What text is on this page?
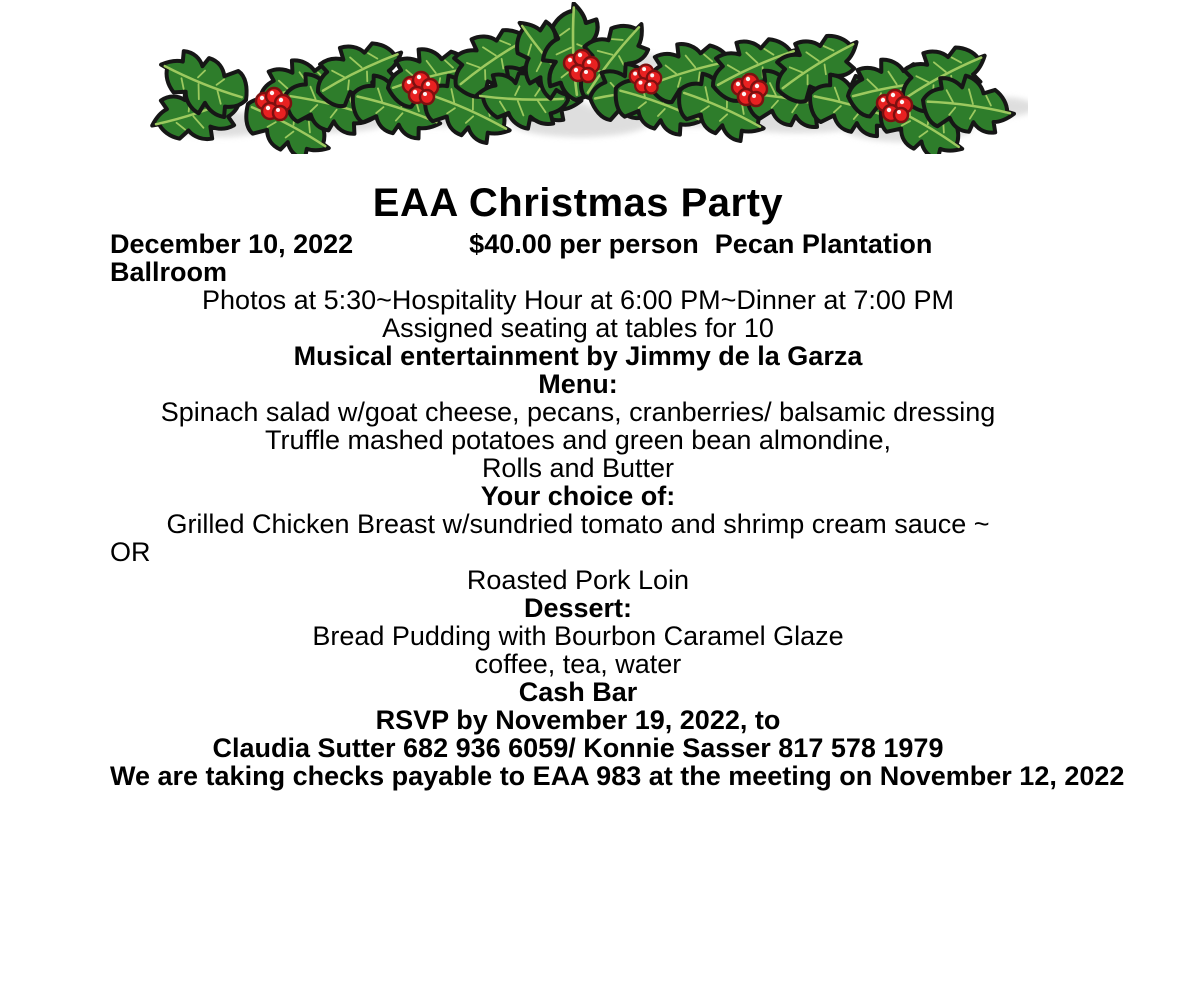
EAA Christmas Party
December 10, 2022	$40.00 per person Pecan Plantation
Ballroom
Photos at 5:30~Hospitality Hour at 6:00 PM~Dinner at 7:00 PM
Assigned seating at tables for 10
Musical entertainment by Jimmy de la Garza
Menu:
Spinach salad w/goat cheese, pecans, cranberries/ balsamic dressing
Truffle mashed potatoes and green bean almondine,
Rolls and Butter
Your choice of:
Grilled Chicken Breast w/sundried tomato and shrimp cream sauce ~
OR
Roasted Pork Loin
Dessert:
Bread Pudding with Bourbon Caramel Glaze
coffee, tea, water
Cash Bar
RSVP by November 19, 2022, to
Claudia Sutter 682 936 6059/ Konnie Sasser 817 578 1979
We are taking checks payable to EAA 983 at the meeting on November 12, 2022
